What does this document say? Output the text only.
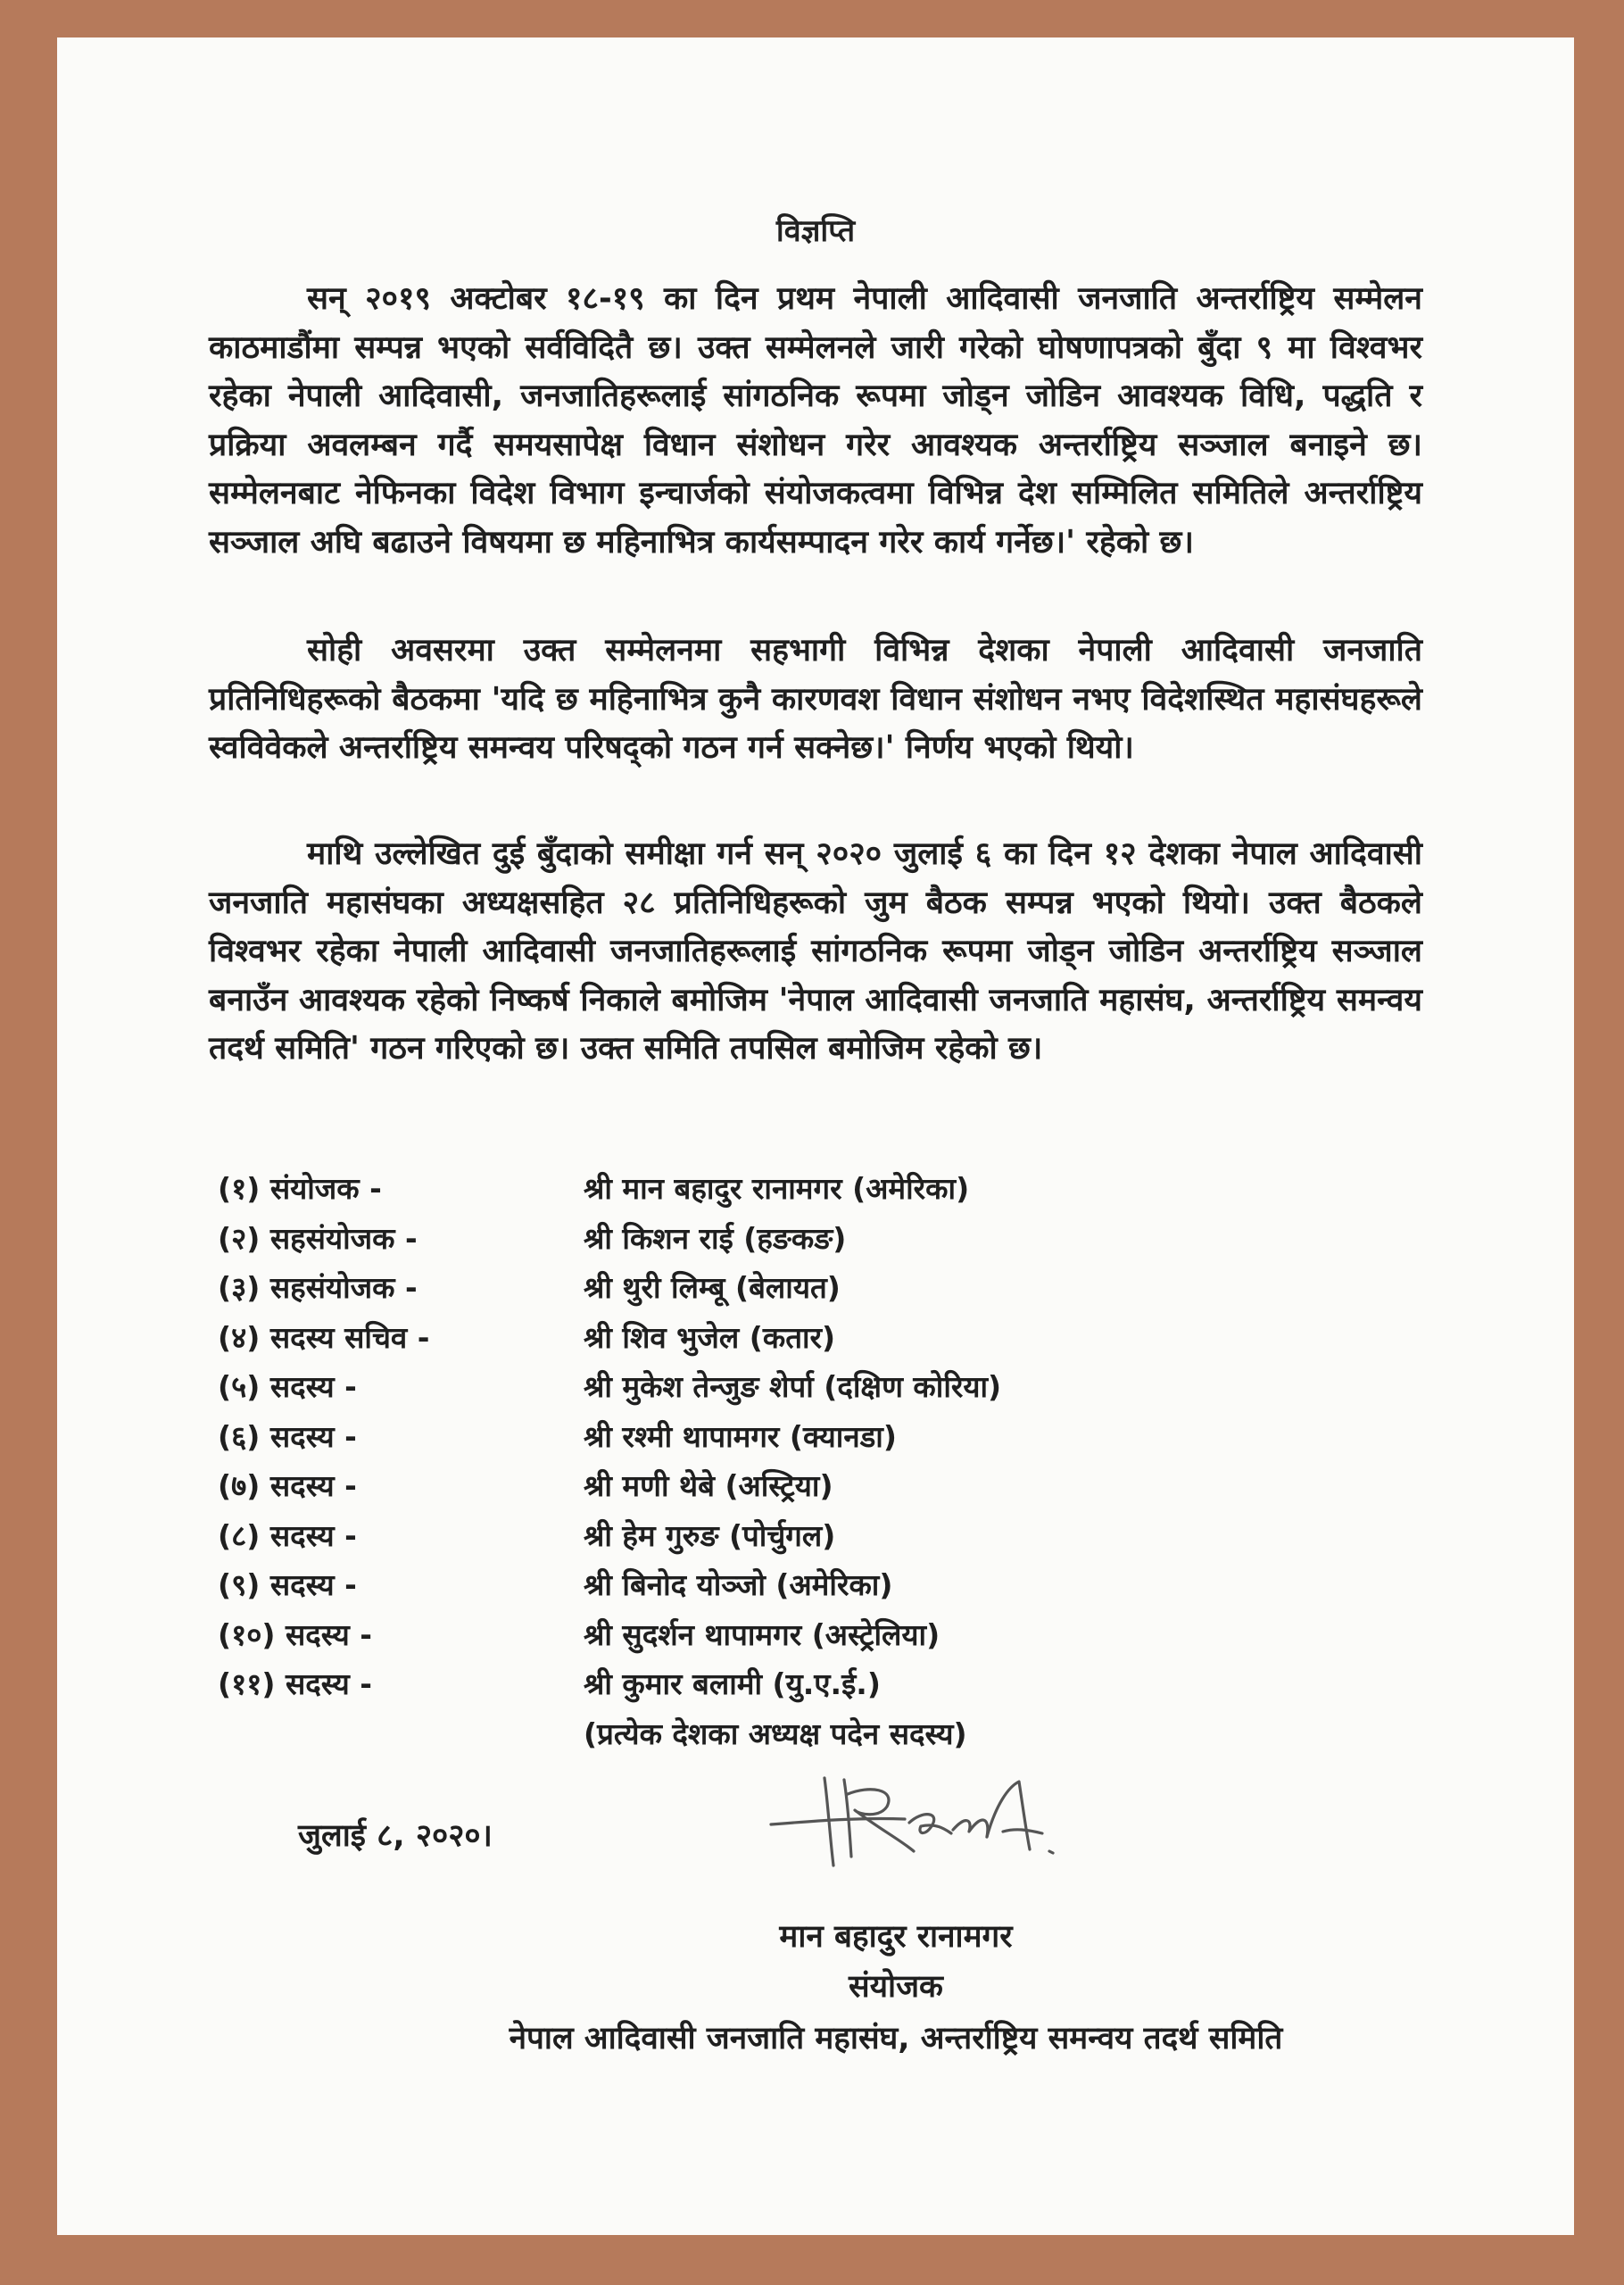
विज्ञप्ति

सन् २०१९ अक्टोबर १८-१९ का दिन प्रथम नेपाली आदिवासी जनजाति अन्तर्राष्ट्रिय सम्मेलन काठमाडौंमा सम्पन्न भएको सर्वविदितै छ। उक्त सम्मेलनले जारी गरेको घोषणापत्रको बुँदा ९ मा विश्वभर रहेका नेपाली आदिवासी, जनजातिहरूलाई सांगठनिक रूपमा जोड्न जोडिन आवश्यक विधि, पद्धति र प्रक्रिया अवलम्बन गर्दै समयसापेक्ष विधान संशोधन गरेर आवश्यक अन्तर्राष्ट्रिय सञ्जाल बनाइने छ। सम्मेलनबाट नेफिनका विदेश विभाग इन्चार्जको संयोजकत्वमा विभिन्न देश सम्मिलित समितिले अन्तर्राष्ट्रिय सञ्जाल अघि बढाउने विषयमा छ महिनाभित्र कार्यसम्पादन गरेर कार्य गर्नेछ।' रहेको छ।

सोही अवसरमा उक्त सम्मेलनमा सहभागी विभिन्न देशका नेपाली आदिवासी जनजाति प्रतिनिधिहरूको बैठकमा 'यदि छ महिनाभित्र कुनै कारणवश विधान संशोधन नभए विदेशस्थित महासंघहरूले स्वविवेकले अन्तर्राष्ट्रिय समन्वय परिषद्को गठन गर्न सक्नेछ।' निर्णय भएको थियो।

माथि उल्लेखित दुई बुँदाको समीक्षा गर्न सन् २०२० जुलाई ६ का दिन १२ देशका नेपाल आदिवासी जनजाति महासंघका अध्यक्षसहित २८ प्रतिनिधिहरूको जुम बैठक सम्पन्न भएको थियो। उक्त बैठकले विश्वभर रहेका नेपाली आदिवासी जनजातिहरूलाई सांगठनिक रूपमा जोड्न जोडिन अन्तर्राष्ट्रिय सञ्जाल बनाउँन आवश्यक रहेको निष्कर्ष निकाले बमोजिम 'नेपाल आदिवासी जनजाति महासंघ, अन्तर्राष्ट्रिय समन्वय तदर्थ समिति' गठन गरिएको छ। उक्त समिति तपसिल बमोजिम रहेको छ।

(१) संयोजक -	श्री मान बहादुर रानामगर (अमेरिका)
(२) सहसंयोजक -	श्री किशन राई (हङकङ)
(३) सहसंयोजक -	श्री थुरी लिम्बू (बेलायत)
(४) सदस्य सचिव -	श्री शिव भुजेल (कतार)
(५) सदस्य -	श्री मुकेश तेन्जुङ शेर्पा (दक्षिण कोरिया)
(६) सदस्य -	श्री रश्मी थापामगर (क्यानडा)
(७) सदस्य -	श्री मणी थेबे (अस्ट्रिया)
(८) सदस्य -	श्री हेम गुरुङ (पोर्चुगल)
(९) सदस्य -	श्री बिनोद योञ्जो (अमेरिका)
(१०) सदस्य -	श्री सुदर्शन थापामगर (अस्ट्रेलिया)
(११) सदस्य -	श्री कुमार बलामी (यु.ए.ई.)
(प्रत्येक देशका अध्यक्ष पदेन सदस्य)
जुलाई ८, २०२०।
मान बहादुर रानामगर
संयोजक
नेपाल आदिवासी जनजाति महासंघ, अन्तर्राष्ट्रिय समन्वय तदर्थ समिति
